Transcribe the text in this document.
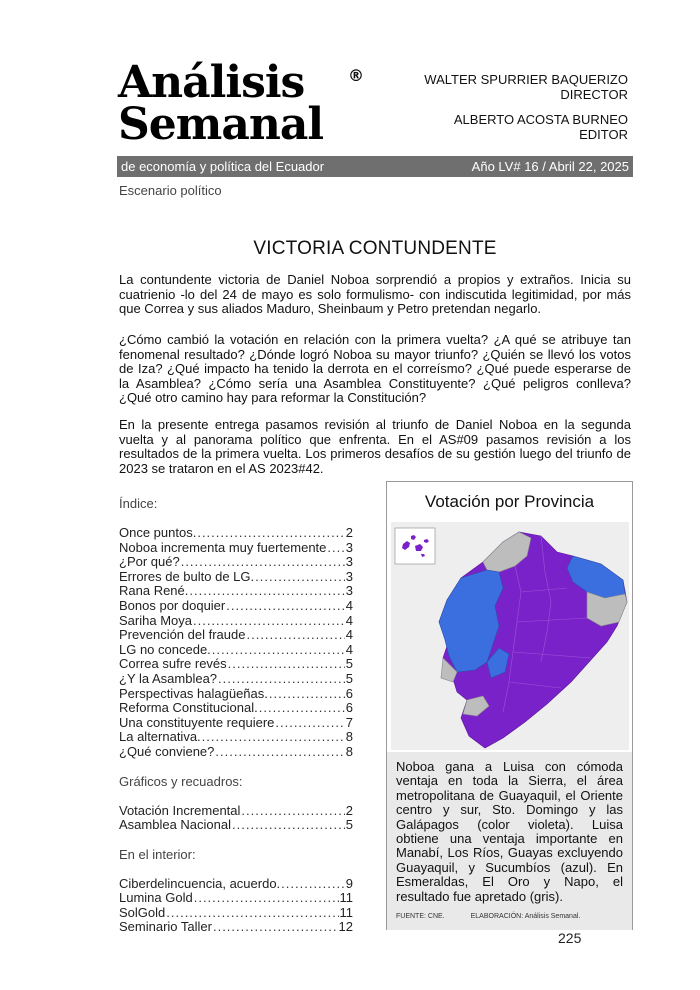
Análisis
Semanal
®	WALTER SPURRIER BAQUERIZO
DIRECTOR
ALBERTO ACOSTA BURNEO
EDITOR
de economía y política del Ecuador	Año LV# 16 / Abril 22, 2025
Escenario político
VICTORIA CONTUNDENTE

La contundente victoria de Daniel Noboa sorprendió a propios y extraños. Inicia su cuatrienio -lo del 24 de mayo es solo formulismo- con indiscutida legitimidad, por más que Correa y sus aliados Maduro, Sheinbaum y Petro pretendan negarlo.

¿Cómo cambió la votación en relación con la primera vuelta? ¿A qué se atribuye tan fenomenal resultado? ¿Dónde logró Noboa su mayor triunfo? ¿Quién se llevó los votos de Iza? ¿Qué impacto ha tenido la derrota en el correísmo? ¿Qué puede esperarse de la Asamblea? ¿Cómo sería una Asamblea Constituyente? ¿Qué peligros conlleva? ¿Qué otro camino hay para reformar la Constitución?

En la presente entrega pasamos revisión al triunfo de Daniel Noboa en la segunda vuelta y al panorama político que enfrenta. En el AS#09 pasamos revisión a los resultados de la primera vuelta. Los primeros desafíos de su gestión luego del triunfo de 2023 se trataron en el AS 2023#42.

Índice:
Once puntos. .....	2
Noboa incrementa muy fuertemente ..... 3
¿Por qué? .....	3
Errores de bulto de LG. .....	3
Rana René. .....	3
Bonos por doquier .....	4
Sariha Moya .....	4
Prevención del fraude .....	4
LG no concede. .....	4
Correa sufre revés .....	5
¿Y la Asamblea? .....	5
Perspectivas halagüeñas. .....	6
Reforma Constitucional. .....	6
Una constituyente requiere .....	7
La alternativa. .....	8
¿Qué conviene? .....	8
Gráficos y recuadros:
Votación Incremental .....	2
Asamblea Nacional .....	5
En el interior:
Ciberdelincuencia, acuerdo. .....	9
Lumina Gold .....	11
SolGold .....	11
Seminario Taller .....	12
Votación por Provincia
Noboa gana a Luisa con cómoda ventaja en toda la Sierra, el área metropolitana de Guayaquil, el Oriente centro y sur, Sto. Domingo y las Galápagos (color violeta). Luisa obtiene una ventaja importante en Manabí, Los Ríos, Guayas excluyendo Guayaquil, y Sucumbíos (azul). En Esmeraldas, El Oro y Napo, el resultado fue apretado (gris).
FUENTE: CNE.	ELABORACIÓN: Análisis Semanal.
225
